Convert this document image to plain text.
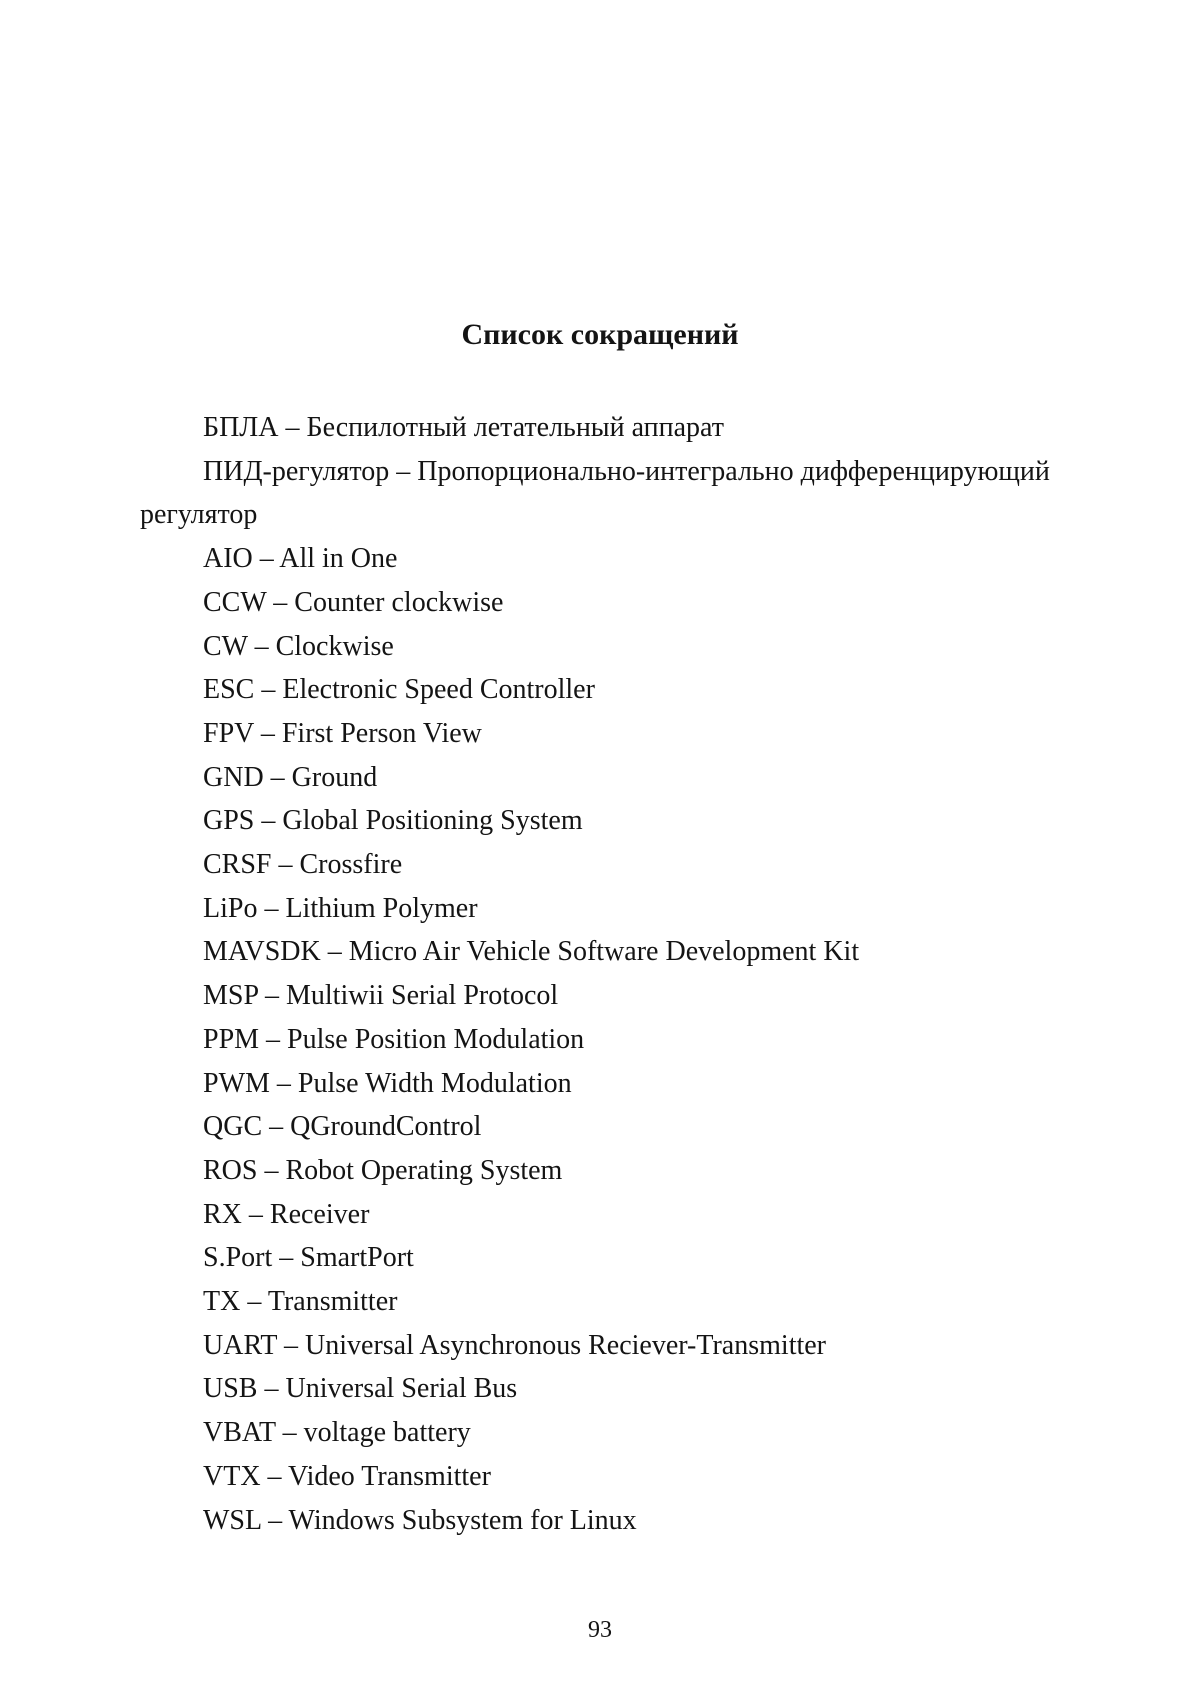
Список сокращений
БПЛА – Беспилотный летательный аппарат
ПИД-регулятор – Пропорционально-интегрально дифференцирующий регулятор
AIO – All in One
CCW – Counter clockwise
CW – Clockwise
ESC – Electronic Speed Controller
FPV – First Person View
GND – Ground
GPS – Global Positioning System
CRSF – Crossfire
LiPo – Lithium Polymer
MAVSDK – Micro Air Vehicle Software Development Kit
MSP – Multiwii Serial Protocol
PPM – Pulse Position Modulation
PWM – Pulse Width Modulation
QGC – QGroundControl
ROS – Robot Operating System
RX – Receiver
S.Port – SmartPort
TX – Transmitter
UART – Universal Asynchronous Reciever-Transmitter
USB – Universal Serial Bus
VBAT – voltage battery
VTX – Video Transmitter
WSL – Windows Subsystem for Linux
93
